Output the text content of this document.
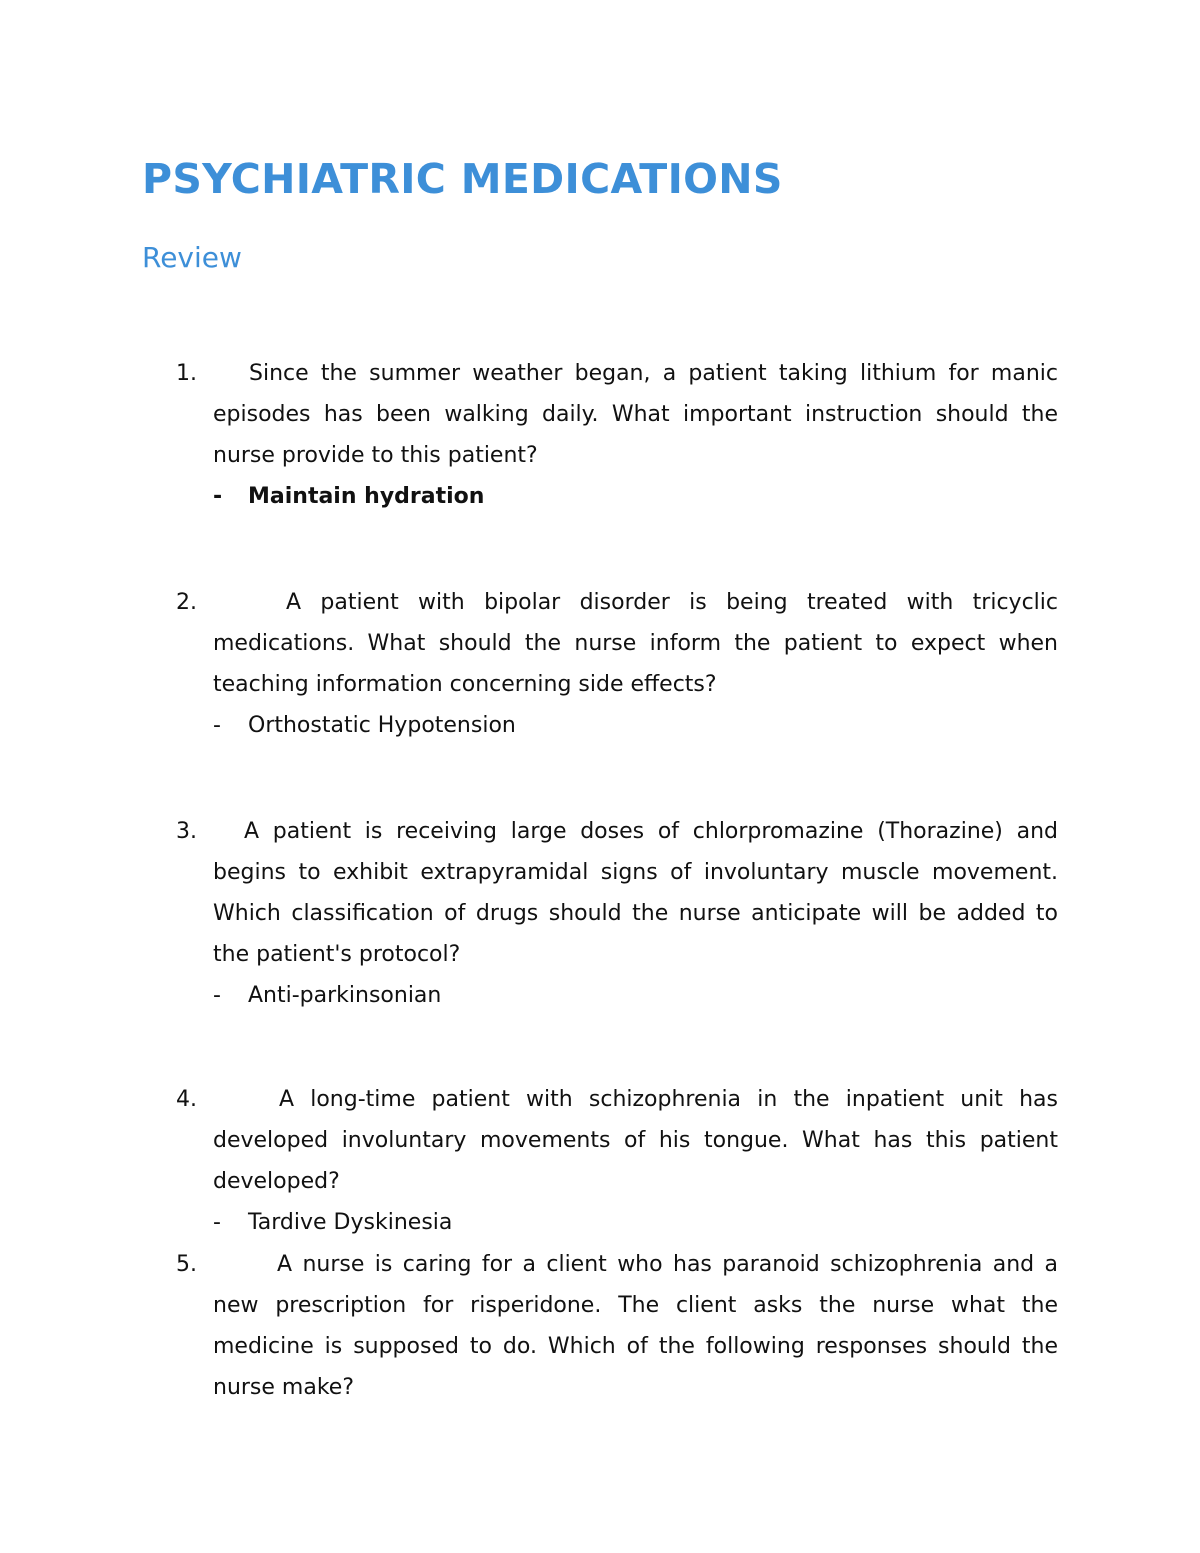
PSYCHIATRIC MEDICATIONS
Review
1.	Since the summer weather began, a patient taking lithium for manic episodes has been walking daily. What important instruction should the nurse provide to this patient?
- Maintain hydration
2.	A patient with bipolar disorder is being treated with tricyclic medications. What should the nurse inform the patient to expect when teaching information concerning side effects?
- Orthostatic Hypotension
3.	A patient is receiving large doses of chlorpromazine (Thorazine) and begins to exhibit extrapyramidal signs of involuntary muscle movement. Which classification of drugs should the nurse anticipate will be added to the patient's protocol?
- Anti-parkinsonian
4.	A long-time patient with schizophrenia in the inpatient unit has developed involuntary movements of his tongue. What has this patient developed?
- Tardive Dyskinesia
5.	A nurse is caring for a client who has paranoid schizophrenia and a new prescription for risperidone. The client asks the nurse what the medicine is supposed to do. Which of the following responses should the nurse make?
